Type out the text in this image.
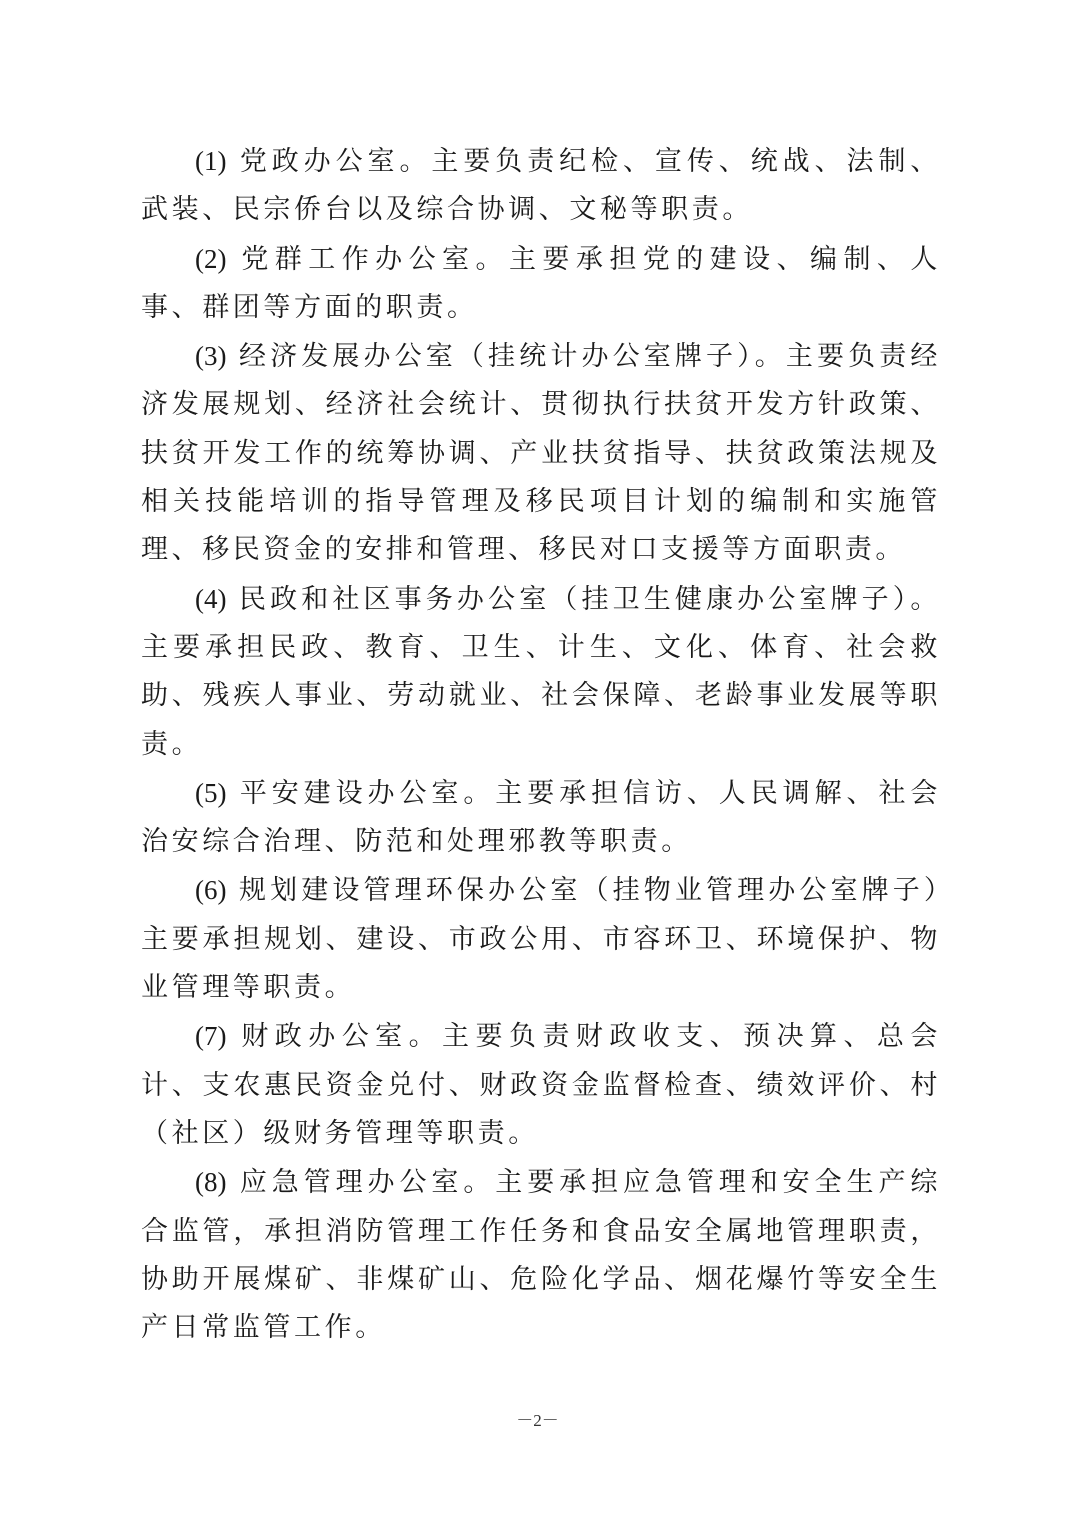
(1) 党政办公室。主要负责纪检、宣传、统战、法制、武装、民宗侨台以及综合协调、文秘等职责。

(2) 党群工作办公室。主要承担党的建设、编制、人事、群团等方面的职责。

(3) 经济发展办公室（挂统计办公室牌子）。主要负责经济发展规划、经济社会统计、贯彻执行扶贫开发方针政策、扶贫开发工作的统筹协调、产业扶贫指导、扶贫政策法规及相关技能培训的指导管理及移民项目计划的编制和实施管理、移民资金的安排和管理、移民对口支援等方面职责。

(4) 民政和社区事务办公室（挂卫生健康办公室牌子）。主要承担民政、教育、卫生、计生、文化、体育、社会救助、残疾人事业、劳动就业、社会保障、老龄事业发展等职责。

(5) 平安建设办公室。主要承担信访、人民调解、社会治安综合治理、防范和处理邪教等职责。

(6) 规划建设管理环保办公室（挂物业管理办公室牌子）主要承担规划、建设、市政公用、市容环卫、环境保护、物业管理等职责。

(7) 财政办公室。主要负责财政收支、预决算、总会计、支农惠民资金兑付、财政资金监督检查、绩效评价、村（社区）级财务管理等职责。

(8) 应急管理办公室。主要承担应急管理和安全生产综合监管，承担消防管理工作任务和食品安全属地管理职责，协助开展煤矿、非煤矿山、危险化学品、烟花爆竹等安全生产日常监管工作。

－2－
